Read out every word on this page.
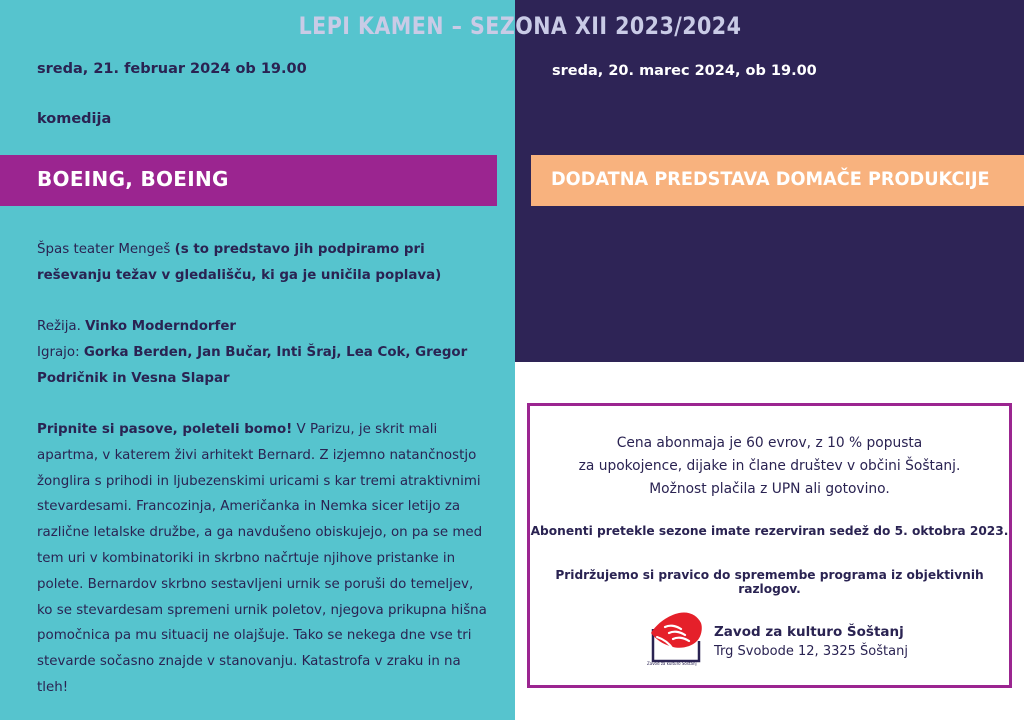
LEPI KAMEN – SEZONA XII 2023/2024
sreda, 21. februar 2024 ob 19.00	sreda, 20. marec 2024, ob 19.00
komedija
BOEING, BOEING	DODATNA PREDSTAVA DOMAČE PRODUKCIJE
Špas teater Mengeš (s to predstavo jih podpiramo pri reševanju težav v gledališču, ki ga je uničila poplava)
Režija. Vinko Moderndorfer
Igrajo: Gorka Berden, Jan Bučar, Inti Šraj, Lea Cok, Gregor Podričnik in Vesna Slapar
Pripnite si pasove, poleteli bomo! V Parizu, je skrit mali apartma, v katerem živi arhitekt Bernard. Z izjemno natančnostjo žonglira s prihodi in ljubezenskimi uricami s kar tremi atraktivnimi stevardesami. Francozinja, Američanka in Nemka sicer letijo za različne letalske družbe, a ga navdušeno obiskujejo, on pa se med tem uri v kombinatoriki in skrbno načrtuje njihove pristanke in polete. Bernardov skrbno sestavljeni urnik se poruši do temeljev, ko se stevardesam spremeni urnik poletov, njegova prikupna hišna pomočnica pa mu situacij ne olajšuje. Tako se nekega dne vse tri stevarde sočasno znajde v stanovanju. Katastrofa v zraku in na tleh!
Cena abonmaja je 60 evrov, z 10 % popusta
za upokojence, dijake in člane društev v občini Šoštanj.
Možnost plačila z UPN ali gotovino.
Abonenti pretekle sezone imate rezerviran sedež do 5. oktobra 2023.
Pridržujemo si pravico do spremembe programa iz objektivnih razlogov.
Zavod za kulturo Šoštanj
Zavod za kulturo Šoštanj
Trg Svobode 12, 3325 Šoštanj
